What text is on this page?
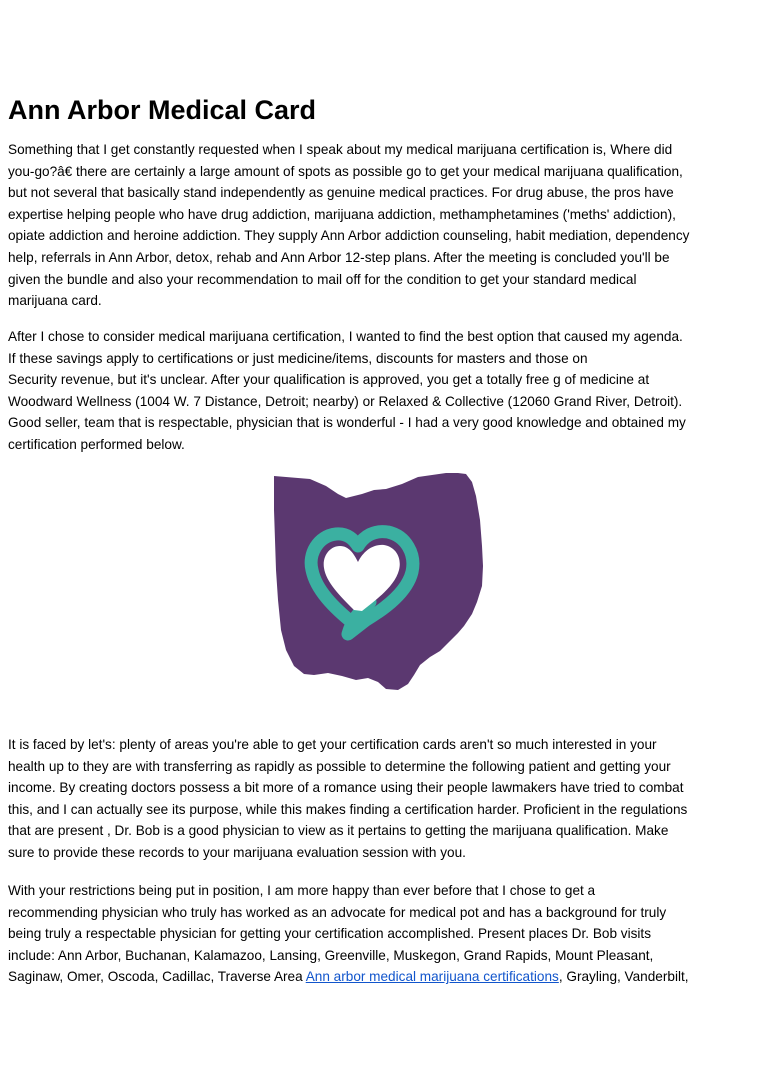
Ann Arbor Medical Card

Something that I get constantly requested when I speak about my medical marijuana certification is, Where did
you-go?â€ there are certainly a large amount of spots as possible go to get your medical marijuana qualification,
but not several that basically stand independently as genuine medical practices. For drug abuse, the pros have
expertise helping people who have drug addiction, marijuana addiction, methamphetamines ('meths' addiction),
opiate addiction and heroine addiction. They supply Ann Arbor addiction counseling, habit mediation, dependency
help, referrals in Ann Arbor, detox, rehab and Ann Arbor 12-step plans. After the meeting is concluded you'll be
given the bundle and also your recommendation to mail off for the condition to get your standard medical
marijuana card.

After I chose to consider medical marijuana certification, I wanted to find the best option that caused my agenda.
If these savings apply to certifications or just medicine/items, discounts for masters and those on
Security revenue, but it's unclear. After your qualification is approved, you get a totally free g of medicine at
Woodward Wellness (1004 W. 7 Distance, Detroit; nearby) or Relaxed & Collective (12060 Grand River, Detroit).
Good seller, team that is respectable, physician that is wonderful - I had a very good knowledge and obtained my
certification performed below.

It is faced by let's: plenty of areas you're able to get your certification cards aren't so much interested in your
health up to they are with transferring as rapidly as possible to determine the following patient and getting your
income. By creating doctors possess a bit more of a romance using their people lawmakers have tried to combat
this, and I can actually see its purpose, while this makes finding a certification harder. Proficient in the regulations
that are present , Dr. Bob is a good physician to view as it pertains to getting the marijuana qualification. Make
sure to provide these records to your marijuana evaluation session with you.

With your restrictions being put in position, I am more happy than ever before that I chose to get a
recommending physician who truly has worked as an advocate for medical pot and has a background for truly
being truly a respectable physician for getting your certification accomplished. Present places Dr. Bob visits
include: Ann Arbor, Buchanan, Kalamazoo, Lansing, Greenville, Muskegon, Grand Rapids, Mount Pleasant,
Saginaw, Omer, Oscoda, Cadillac, Traverse Area Ann arbor medical marijuana certifications, Grayling, Vanderbilt,
